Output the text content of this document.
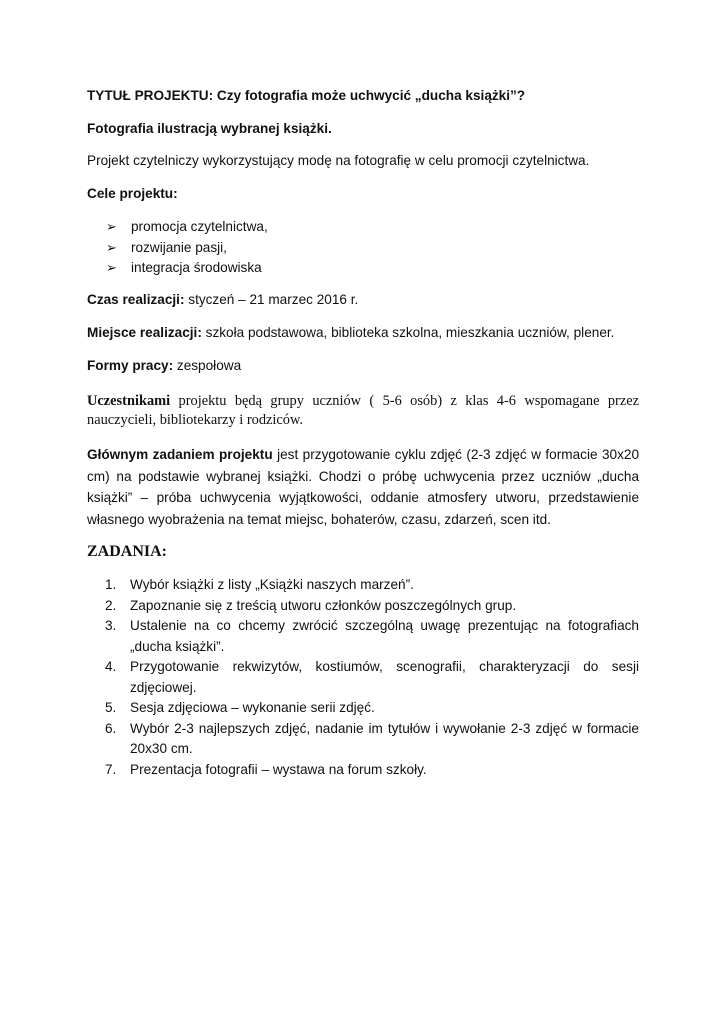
TYTUŁ PROJEKTU: Czy fotografia może uchwycić „ducha książki”?

Fotografia ilustracją wybranej książki.

Projekt czytelniczy wykorzystujący modę na fotografię w celu promocji czytelnictwa.

Cele projektu:

➢ promocja czytelnictwa,
➢ rozwijanie pasji,
➢ integracja środowiska

Czas realizacji: styczeń – 21 marzec 2016 r.

Miejsce realizacji: szkoła podstawowa, biblioteka szkolna, mieszkania uczniów, plener.

Formy pracy: zespołowa

Uczestnikami projektu będą grupy uczniów ( 5-6 osób) z klas 4-6 wspomagane przez
nauczycieli, bibliotekarzy i rodziców.
Głównym zadaniem projektu jest przygotowanie cyklu zdjęć (2-3 zdjęć w formacie 30x20
cm) na podstawie wybranej książki. Chodzi o próbę uchwycenia przez uczniów „ducha
książki” – próba uchwycenia wyjątkowości, oddanie atmosfery utworu, przedstawienie
własnego wyobrażenia na temat miejsc, bohaterów, czasu, zdarzeń, scen itd.

ZADANIA:

1. Wybór książki z listy „Książki naszych marzeń”.
2. Zapoznanie się z treścią utworu członków poszczególnych grup.
3. Ustalenie na co chcemy zwrócić szczególną uwagę prezentując na fotografiach
„ducha książki”.
4. Przygotowanie rekwizytów, kostiumów, scenografii, charakteryzacji do sesji
zdjęciowej.
5. Sesja zdjęciowa – wykonanie serii zdjęć.
6. Wybór 2-3 najlepszych zdjęć, nadanie im tytułów i wywołanie 2-3 zdjęć w formacie
20x30 cm.
7. Prezentacja fotografii – wystawa na forum szkoły.
